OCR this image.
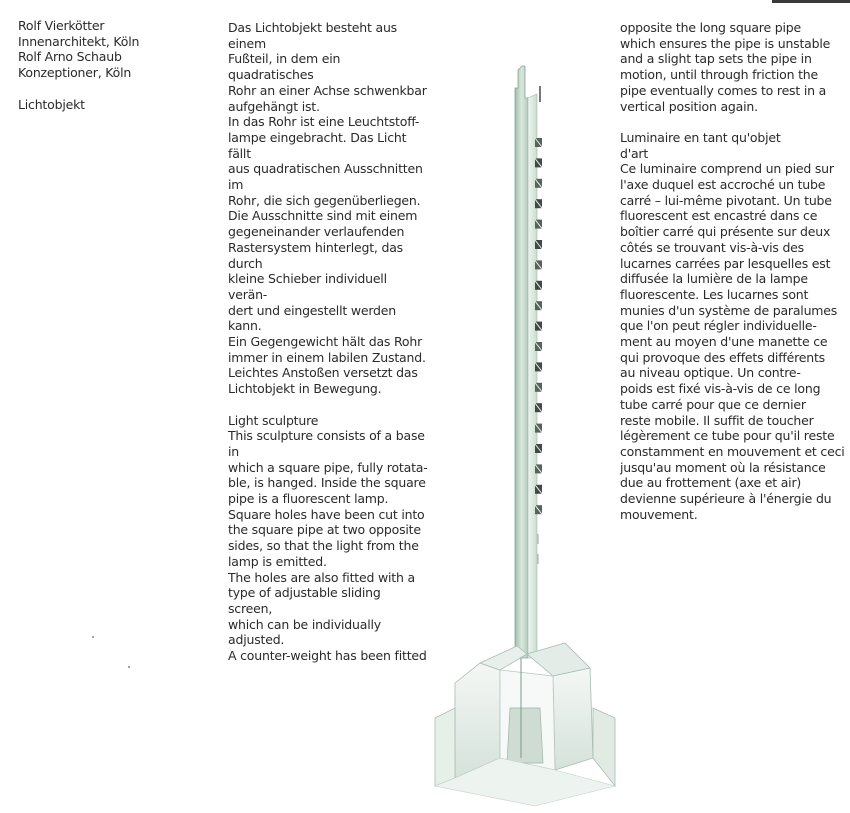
Rolf Vierkötter

Innenarchitekt, Köln

Rolf Arno Schaub

Konzeptioner, Köln

Lichtobjekt

Das Lichtobjekt besteht aus einem

Fußteil, in dem ein quadratisches

Rohr an einer Achse schwenkbar

aufgehängt ist.

In das Rohr ist eine Leuchtstoff-

lampe eingebracht. Das Licht fällt

aus quadratischen Ausschnitten im

Rohr, die sich gegenüberliegen.

Die Ausschnitte sind mit einem

gegeneinander verlaufenden

Rastersystem hinterlegt, das durch

kleine Schieber individuell verän-

dert und eingestellt werden kann.

Ein Gegengewicht hält das Rohr

immer in einem labilen Zustand.

Leichtes Anstoßen versetzt das

Lichtobjekt in Bewegung.

Light sculpture

This sculpture consists of a base in

which a square pipe, fully rotata-

ble, is hanged. Inside the square

pipe is a fluorescent lamp.

Square holes have been cut into

the square pipe at two opposite

sides, so that the light from the

lamp is emitted.

The holes are also fitted with a

type of adjustable sliding screen,

which can be individually adjusted.

A counter-weight has been fitted

opposite the long square pipe

which ensures the pipe is unstable

and a slight tap sets the pipe in

motion, until through friction the

pipe eventually comes to rest in a

vertical position again.

Luminaire en tant qu'objet

d'art

Ce luminaire comprend un pied sur

l'axe duquel est accroché un tube

carré – lui-même pivotant. Un tube

fluorescent est encastré dans ce

boîtier carré qui présente sur deux

côtés se trouvant vis-à-vis des

lucarnes carrées par lesquelles est

diffusée la lumière de la lampe

fluorescente. Les lucarnes sont

munies d'un système de paralumes

que l'on peut régler individuelle-

ment au moyen d'une manette ce

qui provoque des effets différents

au niveau optique. Un contre-

poids est fixé vis-à-vis de ce long

tube carré pour que ce dernier

reste mobile. Il suffit de toucher

légèrement ce tube pour qu'il reste

constamment en mouvement et ceci

jusqu'au moment où la résistance

due au frottement (axe et air)

devienne supérieure à l'énergie du

mouvement.
